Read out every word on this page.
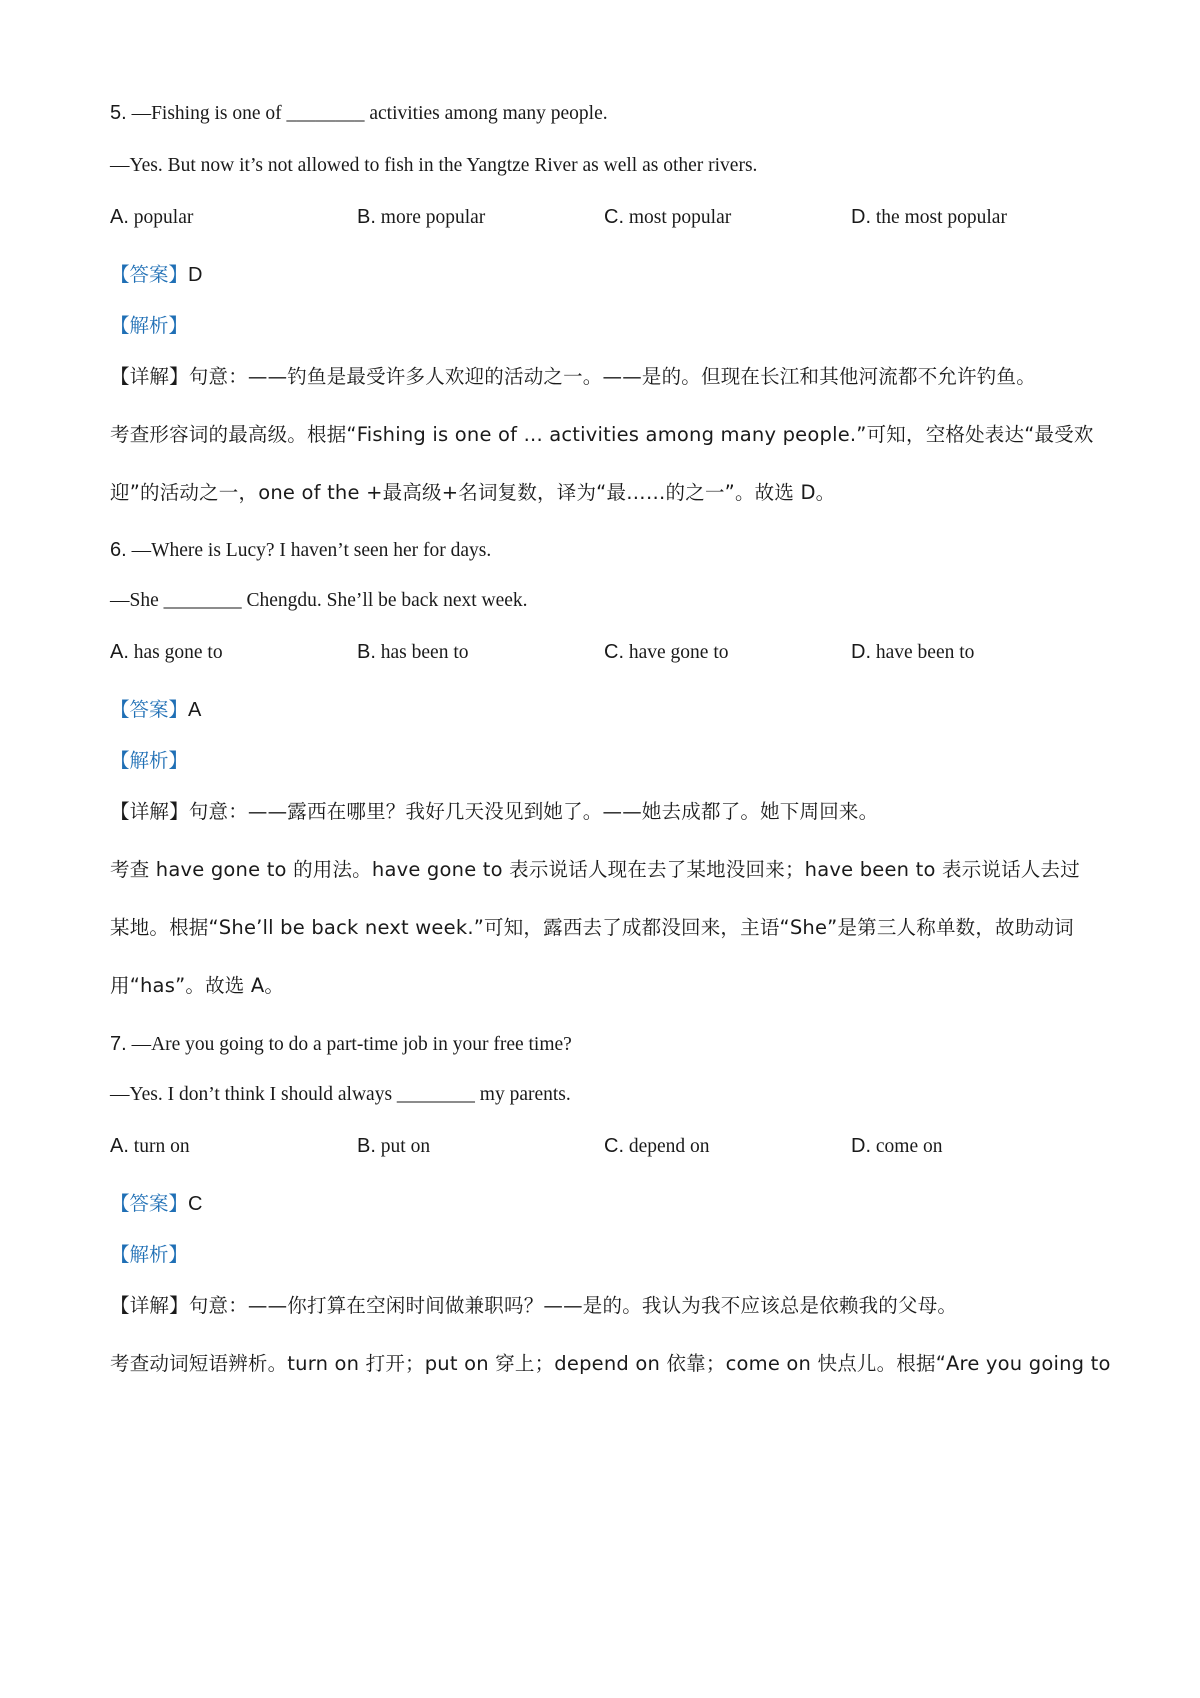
5. —Fishing is one of ________ activities among many people.
—Yes. But now it’s not allowed to fish in the Yangtze River as well as other rivers.
A. popular	B. more popular	C. most popular	D. the most popular
【答案】D
【解析】
【详解】句意：——钓鱼是最受许多人欢迎的活动之一。——是的。但现在长江和其他河流都不允许钓鱼。
考查形容词的最高级。根据“Fishing is one of ... activities among many people.”可知，空格处表达“最受欢
迎”的活动之一，one of the +最高级+名词复数，译为“最……的之一”。故选 D。
6. —Where is Lucy? I haven’t seen her for days.
—She ________ Chengdu. She’ll be back next week.
A. has gone to	B. has been to	C. have gone to	D. have been to
【答案】A
【解析】
【详解】句意：——露西在哪里？我好几天没见到她了。——她去成都了。她下周回来。
考查 have gone to 的用法。have gone to 表示说话人现在去了某地没回来；have been to 表示说话人去过
某地。根据“She’ll be back next week.”可知，露西去了成都没回来，主语“She”是第三人称单数，故助动词
用“has”。故选 A。
7. —Are you going to do a part-time job in your free time?
—Yes. I don’t think I should always ________ my parents.
A. turn on	B. put on	C. depend on	D. come on
【答案】C
【解析】
【详解】句意：——你打算在空闲时间做兼职吗？——是的。我认为我不应该总是依赖我的父母。
考查动词短语辨析。turn on 打开；put on 穿上；depend on 依靠；come on 快点儿。根据“Are you going to
